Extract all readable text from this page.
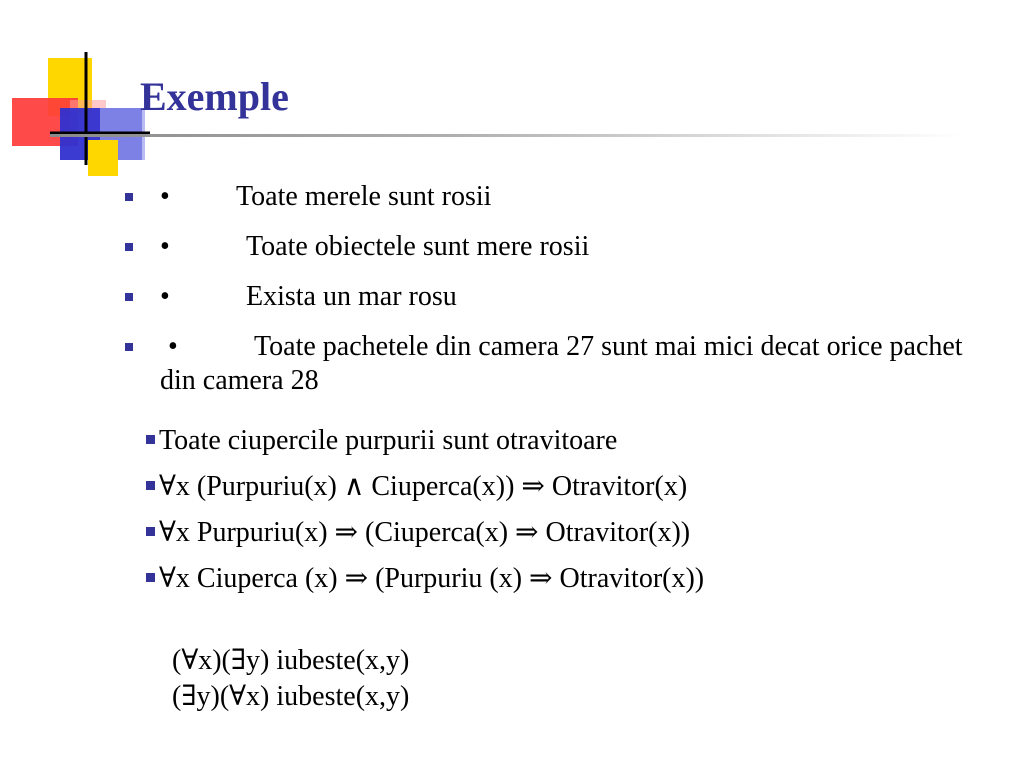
Exemple
• Toate merele sunt rosii
•	Toate obiectele sunt mere rosii
•	Exista un mar rosu
•	Toate pachetele din camera 27 sunt mai mici decat orice pachet din camera 28
Toate ciupercile purpurii sunt otravitoare
∀x (Purpuriu(x) ∧ Ciuperca(x)) ⇒ Otravitor(x)
∀x Purpuriu(x) ⇒ (Ciuperca(x) ⇒ Otravitor(x))
∀x Ciuperca (x) ⇒ (Purpuriu (x) ⇒ Otravitor(x))
(∀x)(∃y) iubeste(x,y)
(∃y)(∀x) iubeste(x,y)
